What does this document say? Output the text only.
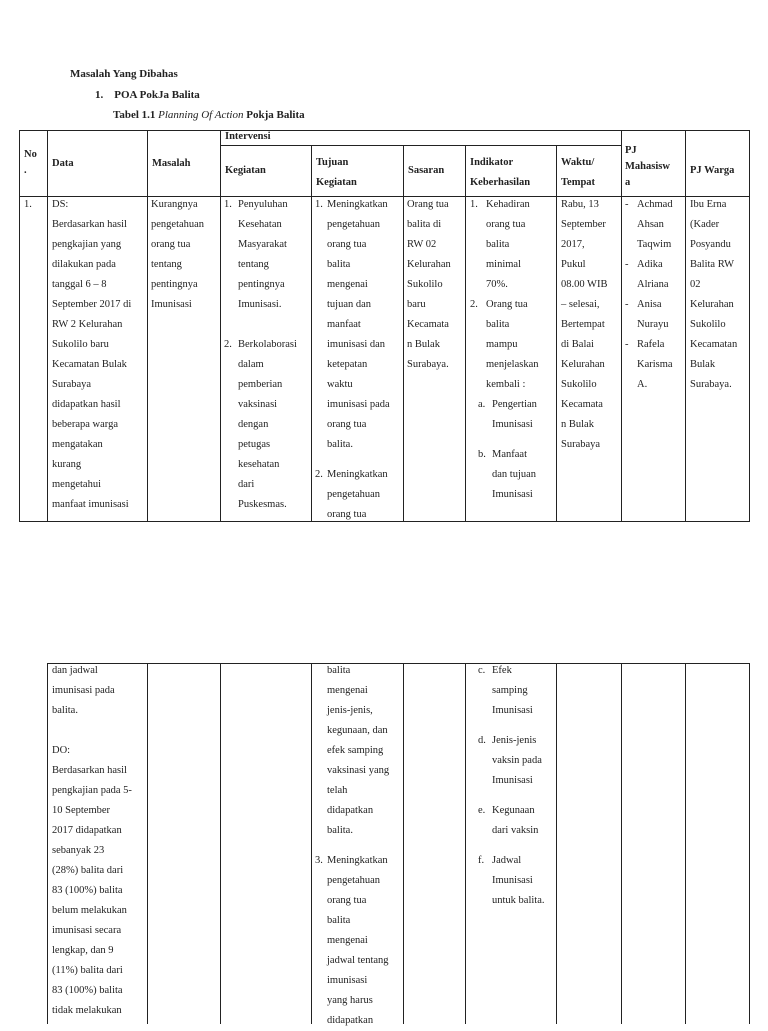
Masalah Yang Dibahas
1. POA PokJa Balita
Tabel 1.1 Planning Of Action Pokja Balita
No
.
Data	Masalah
Intervensi
Kegiatan
Tujuan
Kegiatan
Sasaran
Indikator
Keberhasilan
Waktu/
Tempat
PJ
Mahasisw
a
PJ Warga
1. DS:
Berdasarkan hasil
pengkajian yang
dilakukan pada
tanggal 6 – 8
September 2017 di
RW 2 Kelurahan
Sukolilo baru
Kecamatan Bulak
Surabaya
didapatkan hasil
beberapa warga
mengatakan
kurang
mengetahui
manfaat imunisasi
Kurangnya
pengetahuan
orang tua
tentang
pentingnya
Imunisasi
1. Penyuluhan
Kesehatan
Masyarakat
tentang
pentingnya
Imunisasi.
2. Berkolaborasi
dalam
pemberian
vaksinasi
dengan
petugas
kesehatan
dari
Puskesmas.
1. Meningkatkan
pengetahuan
orang tua
balita
mengenai
tujuan dan
manfaat
imunisasi dan
ketepatan
waktu
imunisasi pada
orang tua
balita.
2. Meningkatkan
pengetahuan
orang tua
Orang tua
balita di
RW 02
Kelurahan
Sukolilo
baru
Kecamata
n Bulak
Surabaya.
1. Kehadiran
orang tua
balita
minimal
70%.
2. Orang tua
balita
mampu
menjelaskan
kembali :
a. Pengertian
Imunisasi
b. Manfaat
dan tujuan
Imunisasi
Rabu, 13
September
2017,
Pukul
08.00 WIB
– selesai,
Bertempat
di Balai
Kelurahan
Sukolilo
Kecamata
n Bulak
Surabaya
- Achmad
Ahsan
Taqwim
- Adika
Alriana
- Anisa
Nurayu
- Rafela
Karisma
A.
Ibu Erna
(Kader
Posyandu
Balita RW
02
Kelurahan
Sukolilo
Kecamatan
Bulak
Surabaya.
dan jadwal
imunisasi pada
balita.
DO:
Berdasarkan hasil
pengkajian pada 5-
10 September
2017 didapatkan
sebanyak 23
(28%) balita dari
83 (100%) balita
belum melakukan
imunisasi secara
lengkap, dan 9
(11%) balita dari
83 (100%) balita
tidak melakukan
balita
mengenai
jenis-jenis,
kegunaan, dan
efek samping
vaksinasi yang
telah
didapatkan
balita.
3. Meningkatkan
pengetahuan
orang tua
balita
mengenai
jadwal tentang
imunisasi
yang harus
didapatkan
c. Efek
samping
Imunisasi
d. Jenis-jenis
vaksin pada
Imunisasi
e. Kegunaan
dari vaksin
f. Jadwal
Imunisasi
untuk balita.
